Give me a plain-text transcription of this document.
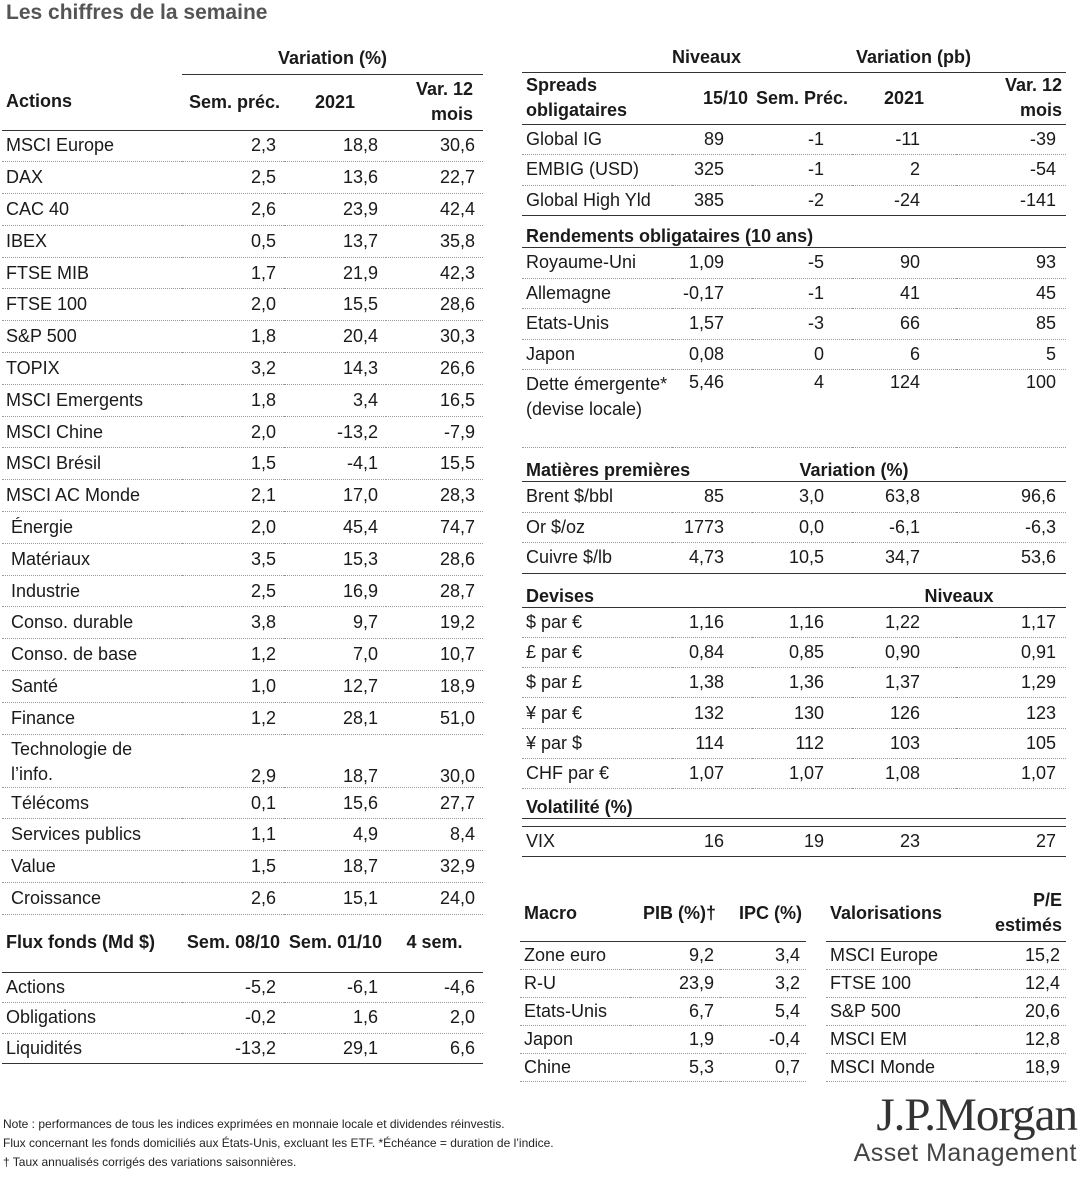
Les chiffres de la semaine
	Variation (%)		
Actions	Sem. préc.	2021	Var. 12 mois
MSCI Europe	2,3	18,8	30,6
DAX	2,5	13,6	22,7
CAC 40	2,6	23,9	42,4
IBEX	0,5	13,7	35,8
FTSE MIB	1,7	21,9	42,3
FTSE 100	2,0	15,5	28,6
S&P 500	1,8	20,4	30,3
TOPIX	3,2	14,3	26,6
MSCI Emergents	1,8	3,4	16,5
MSCI Chine	2,0	-13,2	-7,9
MSCI Brésil	1,5	-4,1	15,5
MSCI AC Monde	2,1	17,0	28,3
Énergie	2,0	45,4	74,7
Matériaux	3,5	15,3	28,6
Industrie	2,5	16,9	28,7
Conso. durable	3,8	9,7	19,2
Conso. de base	1,2	7,0	10,7
Santé	1,0	12,7	18,9
Finance	1,2	28,1	51,0
Technologie de l’info.	2,9	18,7	30,0
Télécoms	0,1	15,6	27,7
Services publics	1,1	4,9	8,4
Value	1,5	18,7	32,9
Croissance	2,6	15,1	24,0
Flux fonds (Md $)	Sem. 08/10	Sem. 01/10	4 sem.
Actions	-5,2	-6,1	-4,6
Obligations	-0,2	1,6	2,0
Liquidités	-13,2	29,1	6,6
	Niveaux		Variation (pb)	
Spreads obligataires	15/10	Sem. Préc.	2021	Var. 12 mois
Global IG	89	-1	-11	-39
EMBIG (USD)	325	-1	2	-54
Global High Yld	385	-2	-24	-141
Rendements obligataires (10 ans)				
Royaume-Uni	1,09	-5	90	93
Allemagne	-0,17	-1	41	45
Etats-Unis	1,57	-3	66	85
Japon	0,08	0	6	5
Dette émergente* (devise locale)	5,46	4	124	100
Matières premières		Variation (%)		
Brent $/bbl	85	3,0	63,8	96,6
Or $/oz	1773	0,0	-6,1	-6,3
Cuivre $/lb	4,73	10,5	34,7	53,6
Devises			Niveaux	
$ par €	1,16	1,16	1,22	1,17
£ par €	0,84	0,85	0,90	0,91
$ par £	1,38	1,36	1,37	1,29
¥ par €	132	130	126	123
¥ par $	114	112	103	105
CHF par €	1,07	1,07	1,08	1,07
Volatilité (%)				

VIX	16	19	23	27
Macro	PIB (%)†	IPC (%)
Zone euro	9,2	3,4
R-U	23,9	3,2
Etats-Unis	6,7	5,4
Japon	1,9	-0,4
Chine	5,3	0,7
Valorisations	P/E estimés
MSCI Europe	15,2
FTSE 100	12,4
S&P 500	20,6
MSCI EM	12,8
MSCI Monde	18,9
Note : performances de tous les indices exprimées en monnaie locale et dividendes réinvestis.
Flux concernant les fonds domiciliés aux États-Unis, excluant les ETF. *Échéance = duration de l’indice.
† Taux annualisés corrigés des variations saisonnières.
J.P.Morgan
Asset Management
